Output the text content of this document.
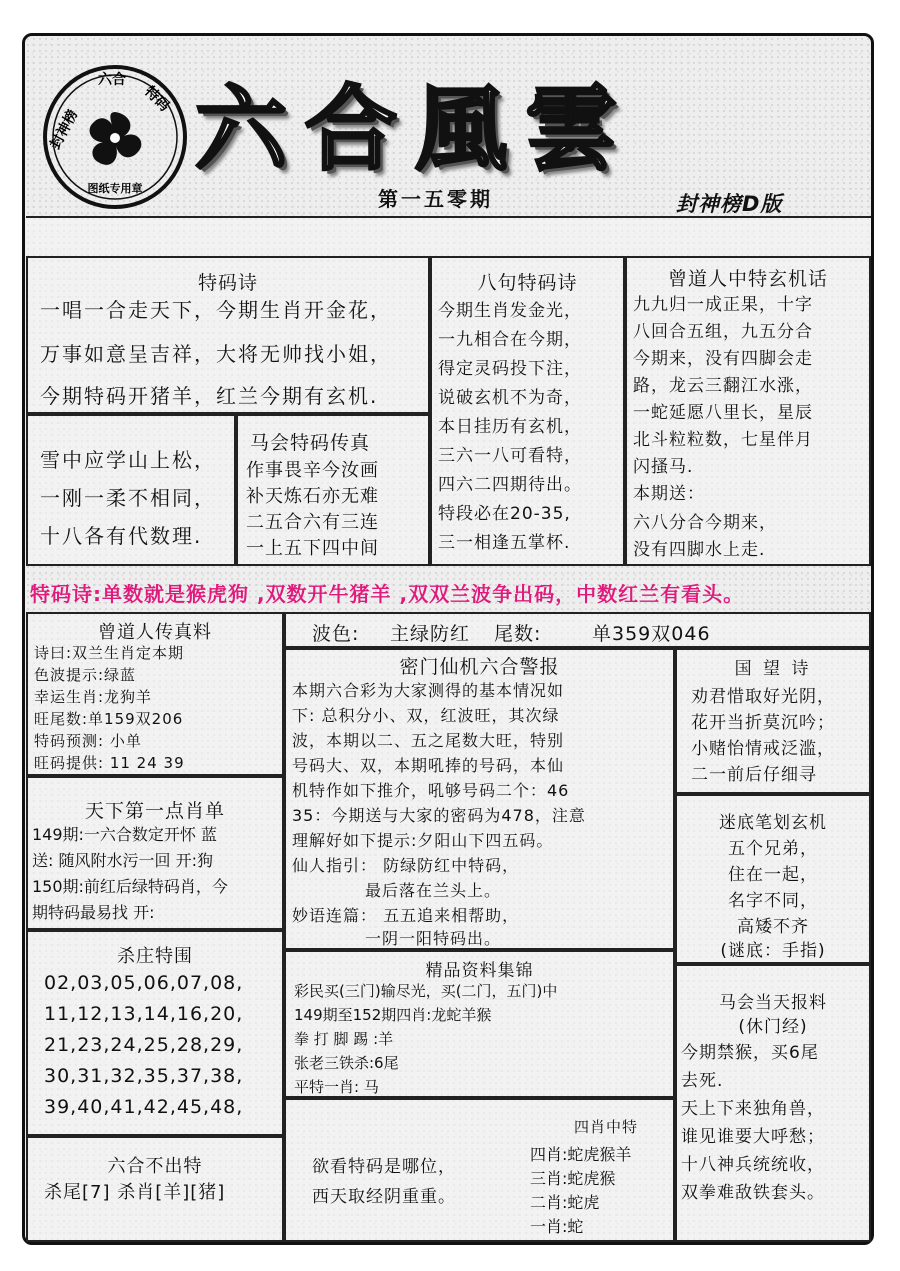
图纸专用章
封神榜
六合
特码 六合風雲
第一五零期	封神榜D版
特码诗
一唱一合走天下，今期生肖开金花，
万事如意呈吉祥，大将无帅找小姐，
今期特码开猪羊，红兰今期有玄机.
雪中应学山上松，
一刚一柔不相同，
十八各有代数理.
马会特码传真
作事畏辛今汝画
补天炼石亦无难
二五合六有三连
一上五下四中间
八句特码诗
今期生肖发金光，
一九相合在今期，
得定灵码投下注，
说破玄机不为奇，
本日挂历有玄机，
三六一八可看特，
四六二四期待出。
特段必在20-35,
三一相逢五掌杯.
曾道人中特玄机话
九九归一成正果，十字
八回合五组，九五分合
今期来，没有四脚会走
路，龙云三翻江水涨，
一蛇延愿八里长，星辰
北斗粒粒数，七星伴月
闪搔马.
本期送：
六八分合今期来，
没有四脚水上走.
特码诗:单数就是猴虎狗 ,双数开牛猪羊 ,双双兰波争出码，中数红兰有看头。
曾道人传真料
诗曰:双兰生肖定本期
色波提示:绿蓝
幸运生肖:龙狗羊
旺尾数:单159双206
特码预测: 小单
旺码提供: 11 24 39
天下第一点肖单
149期:一六合数定开怀 蓝
送: 随风附水污一回 开:狗
150期:前红后绿特码肖，今
期特码最易找 开:
杀庄特围
02,03,05,06,07,08,
11,12,13,14,16,20,
21,23,24,25,28,29,
30,31,32,35,37,38,
39,40,41,42,45,48,
六合不出特
杀尾[7] 杀肖[羊][猪]
波色: 主绿防红 尾数:	单359双046
密门仙机六合警报
本期六合彩为大家测得的基本情况如
下: 总积分小、双，红波旺，其次绿
波，本期以二、五之尾数大旺，特别
号码大、双，本期吼捧的号码，本仙
机特作如下推介，吼够号码二个：46
35：今期送与大家的密码为478，注意
理解好如下提示:夕阳山下四五码。
仙人指引： 防绿防红中特码，
最后落在兰头上。
妙语连篇： 五五追来相帮助，
一阴一阳特码出。
精品资料集锦
彩民买(三门)输尽光，买(二门，五门)中
149期至152期四肖:龙蛇羊猴
拳 打 脚 踢 :羊
张老三铁杀:6尾
平特一肖: 马
欲看特码是哪位，
西天取经阴重重。
四肖中特
四肖:蛇虎猴羊
三肖:蛇虎猴
二肖:蛇虎
一肖:蛇
国 望 诗
劝君惜取好光阴，
花开当折莫沉吟；
小赌怡情戒泛滥，
二一前后仔细寻
迷底笔划玄机
五个兄弟，
住在一起，
名字不同，
高矮不齐
(谜底：手指)
马会当天报料
(休门经)
今期禁猴，买6尾
去死.
天上下来独角兽，
谁见谁要大呼愁；
十八神兵统统收，
双拳难敌铁套头。
